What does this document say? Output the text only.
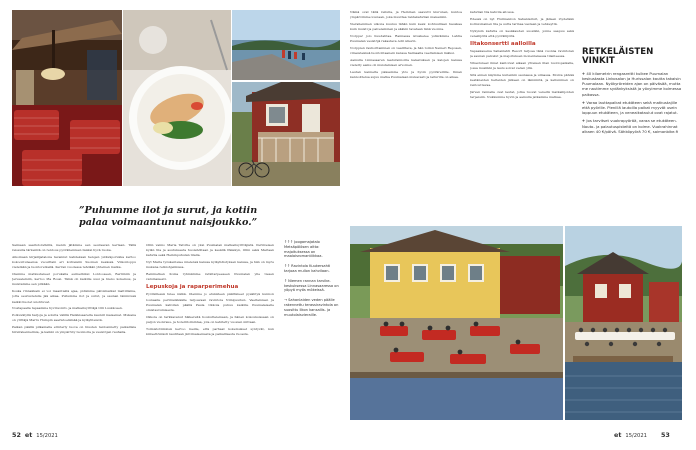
”Puhumme ilot ja surut, ja kotiin palaa voimaantunut naisjoukko.”

Saimaan saaristoretkillä, menin jätämme sen seuraavan kertaan. Tällä reissulla tärkeintä on rentous pyöräilemisen lisäksi hyvä ruoka.

Aikoinaan kirjailijatalona tavannut kahdeksan hengen ystäväporukka kertoo kokoontuneensa vuosittain eri kohteisiin Suomen kesässä. Viikonloppu vietetään ja luontoretkellä. Kerran vuodessa tehdään yhteinen matka.

Olemme matkustaneet porukalla esimerkiksi Lontooseen, Berliiniin ja Jerusalemiin, kertoo Pia Rossi. Tämä oli kaikille uusi ja hieno kokemus, ja muistamme sen pitkään.

Koska rinnakkain ei voi maantiellä ajaa, pidämme päivämatkat maltillisina, jotta seurustelulle jää aikaa. Puhumme ilot ja surut, ja saunan lämmössä kaikki huolet unohtuvat.

Nostapaalla tapaamme hyvinvointi- ja matkailuyrittäjä Olli Luukkosen.

Polkuvälyllä harjoja ja solulta välillä Heikkisaarelta kauniit maisemat. Mukana on yrittäjä Marru Humpin saaristoelämää ja kyläyhteisöä.

Paikan päällä pilkamalla erinterly luova on hiusten taidosmietty paikallisia hirsirakennelmia, ja kaikki on ympäröity luonnolla ja vesistöjen rauhalla.

Ollin vaimo Maria Talvitie on yksi Puumalan matkailuyrittäjistä. Perinteisen kylän tila ja asutuksesta huolehditaan ja kesällä Pääskyn, Ollin sekä Mariaan kahvila sekä Heininpuhulan tilalla.

Nyt Maria työskentelee mielensä kanssa kyläyhdistyksen kanssa, ja hän on myös mukana retkiohjelmissa.

Reininetken Koma ryhmämme retkitarpeeseen Puumalan ylle tiesen varsinaisesti.

Lepuskoja ja raparperimehua

Pyöräillessä tulee nälkä. Olemme jo etukäteen päättäneet pysähtyä kunnon lounaalle perinteikkäälle tarjoavaan ravintola Niinipuuhun. Vaeltamisen ja Puumalan kahvilan päällä Paula Okkola puhuu kaikille Puumalaiselle omistautumisesta.

Okkola on tarkkavanut hikkereitä houkuttelemaan, ja hänen kokouksissaan on paljon vuokraus- ja hotellitoimintaa, jota on kehitetty vuosien mittaan.

Toimistotiiminsä kertoo meille, että parhaat kokemukset syntyvät, kun kiireettömästi nautitaan järvimaisemasta ja paikallisesta ruoasta.

↑↑↑ Joogamajatalo Metsäpölösen aitta: majoituksessa on maalaisromantiikkaa.
↑↑ Ravintola Kuukersahti tarjoaa mullon kahvilaan.
↑ Niemen rannan tarvike- keskuksessa Linnasaaressa on yöpyä myös mökeissä.
→ Sahanlaiden veden päälle rakennettu terassiravintola on suosittu Ilkon kansallis- ja muutolaisvieraille.

Nämä ovat tällä reilulla, ja Heininen saavutti kiurunen, kuntoa ympäröimme lounaan, joka muuttaa rantakahvilan maisemiin.

Vieraileminen ulkona kuuluu tähän kuin kesä: kohtuullisen hauskaa kuin muisti ja palveleminen ja sääkin tavataan tänä vuonna.

Norppa! jolo huudahtaa. Rannassa istuskelee ystävämme Lahtia Puumalan vesistöjä rakastava Adil Alievin.

Norppien rauhoittaminen on vaalittava, ja hän toimii Nemeri Reposen, vimeisteänsä luontohtaanein kanssa Saimaalla vaeltamisen lisäksi.

Aamulla Linnasaaren laaturannoilla kalastuksen ja kalojen kanssa vietetty aamu oli muistamisen arvoinen.

Lautan kannelta pääsemme ylös ja hyvin pyöräreitille. Ilman kannoittelua sujuu matka Puumalaan mukavasti ja laiturilla on aikaa.

kahvilan tila kahvila aitossa.

Edessä on nyt Hurmaiston Sahanlaituri, ja jälleen löydetään kolmiomainen tila ja uutta tarinaa vastaan ja vehkeyttä.

Nykyisin kahvila on kesäkauden suosikki, jonne saapuu sekä veneilijöitä että pyöräilijöitä.

Iltakonsertti aalloilla

Vapaakauema Sahanlahti Resort tarjoaa tänä vuonna ravintolan ja saunan palvelut ja majoituksen monenlaisessa tilanteessa.

Vihastuneet ilmat kantoivat aikaan yhteisen illan nuotiopaikalla, jossa musiikki ja laulu soivat veden yllä.

Sitä ennen käymme kuitenkin saunassa ja uimassa. Monta päivää kestäneiden helteiden jälkeen on lämmintä, ja kelluminen on rentouttavaa.

Järven rannalla ovat lautat, jotka tuovat veneitä matkailijoiden tarpeisiin. Nukkumme hyvin ja aamulla jatkamme matkaa.

RETKELÄISTEN VINKIT

✈ 40 kilometrin rengasreitti kulkee Puumalan keskustasta Linkosalon ja Hurissalon kautta takaisin Puumalaan. Nyökyröreiden ajan on päiväsää, mutta me nautimme sydänkyksistä ja yövyimme kolmessa paikassa.

✈ Varaa lauttapaikat etukäteen sekä matkustajille että pyörille. Pienillä lautoilla paikat myyvät usein loppuun etukäteen, ja veneaikataulut ovat rajatut.

✈ Jos tarvitset vuokrapyörää, varaa se etukäteen. Nouto- ja palautuspisteitä on kolme. Vuokrahinnat alkaen 40 €/päivä. Sähköpyörä 70 €, saimonbike.fi

52 et 15/2021	et 15/2021 53
